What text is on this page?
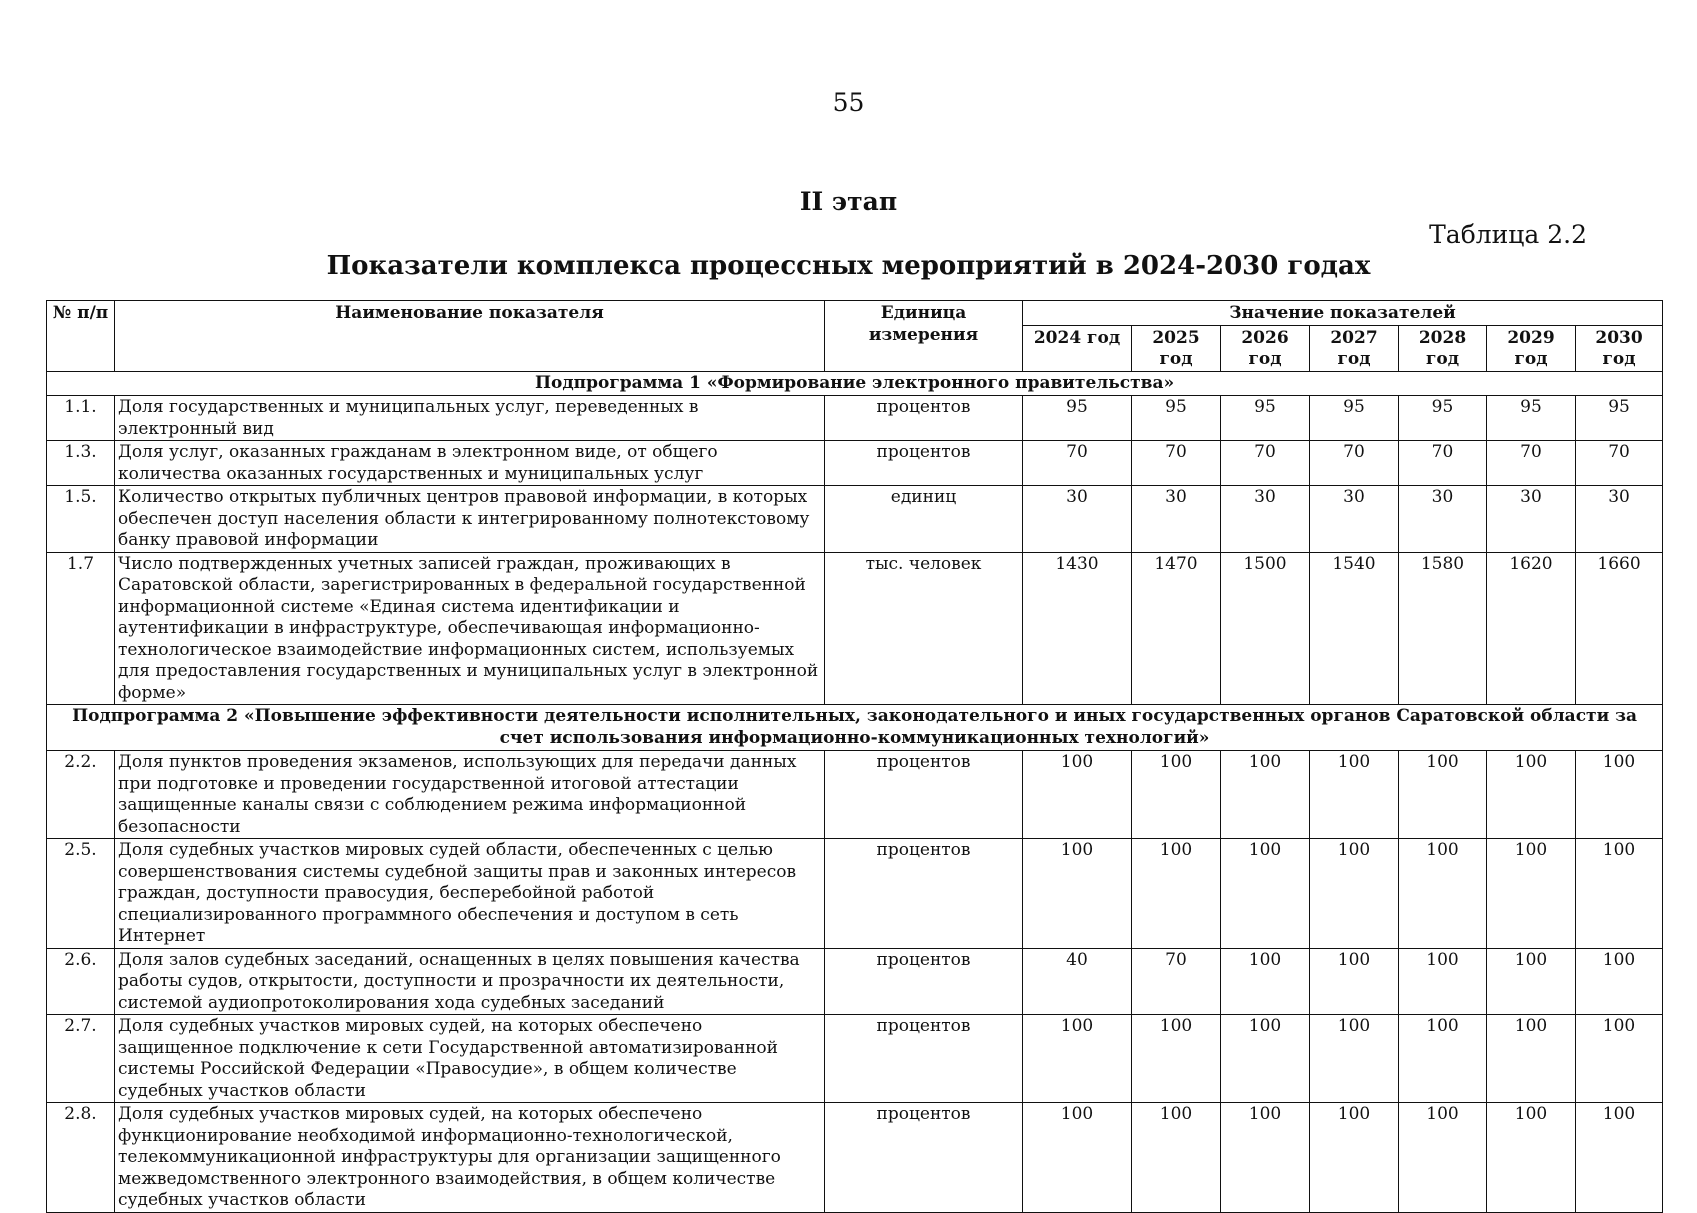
55
II этап
Таблица 2.2
Показатели комплекса процессных мероприятий в 2024-2030 годах
№ п/п	Наименование показателя	Единица измерения	Значение показателей						
			2024 год	2025 год	2026 год	2027 год	2028 год	2029 год	2030 год
Подпрограмма 1 «Формирование электронного правительства»									
1.1.	Доля государственных и муниципальных услуг, переведенных в электронный вид	процентов	95	95	95	95	95	95	95
1.3.	Доля услуг, оказанных гражданам в электронном виде, от общего количества оказанных государственных и муниципальных услуг	процентов	70	70	70	70	70	70	70
1.5.	Количество открытых публичных центров правовой информации, в которых обеспечен доступ населения области к интегрированному полнотекстовому банку правовой информации	единиц	30	30	30	30	30	30	30
1.7	Число подтвержденных учетных записей граждан, проживающих в Саратовской области, зарегистрированных в федеральной государственной информационной системе «Единая система идентификации и аутентификации в инфраструктуре, обеспечивающая информационно-технологическое взаимодействие информационных систем, используемых для предоставления государственных и муниципальных услуг в электронной форме»	тыс. человек	1430	1470	1500	1540	1580	1620	1660
Подпрограмма 2 «Повышение эффективности деятельности исполнительных, законодательного и иных государственных органов Саратовской области за счет использования информационно-коммуникационных технологий»									
2.2.	Доля пунктов проведения экзаменов, использующих для передачи данных при подготовке и проведении государственной итоговой аттестации защищенные каналы связи с соблюдением режима информационной безопасности	процентов	100	100	100	100	100	100	100
2.5.	Доля судебных участков мировых судей области, обеспеченных с целью совершенствования системы судебной защиты прав и законных интересов граждан, доступности правосудия, бесперебойной работой специализированного программного обеспечения и доступом в сеть Интернет	процентов	100	100	100	100	100	100	100
2.6.	Доля залов судебных заседаний, оснащенных в целях повышения качества работы судов, открытости, доступности и прозрачности их деятельности, системой аудиопротоколирования хода судебных заседаний	процентов	40	70	100	100	100	100	100
2.7.	Доля судебных участков мировых судей, на которых обеспечено защищенное подключение к сети Государственной автоматизированной системы Российской Федерации «Правосудие», в общем количестве судебных участков области	процентов	100	100	100	100	100	100	100
2.8.	Доля судебных участков мировых судей, на которых обеспечено функционирование необходимой информационно-технологической, телекоммуникационной инфраструктуры для организации защищенного межведомственного электронного взаимодействия, в общем количестве судебных участков области	процентов	100	100	100	100	100	100	100
